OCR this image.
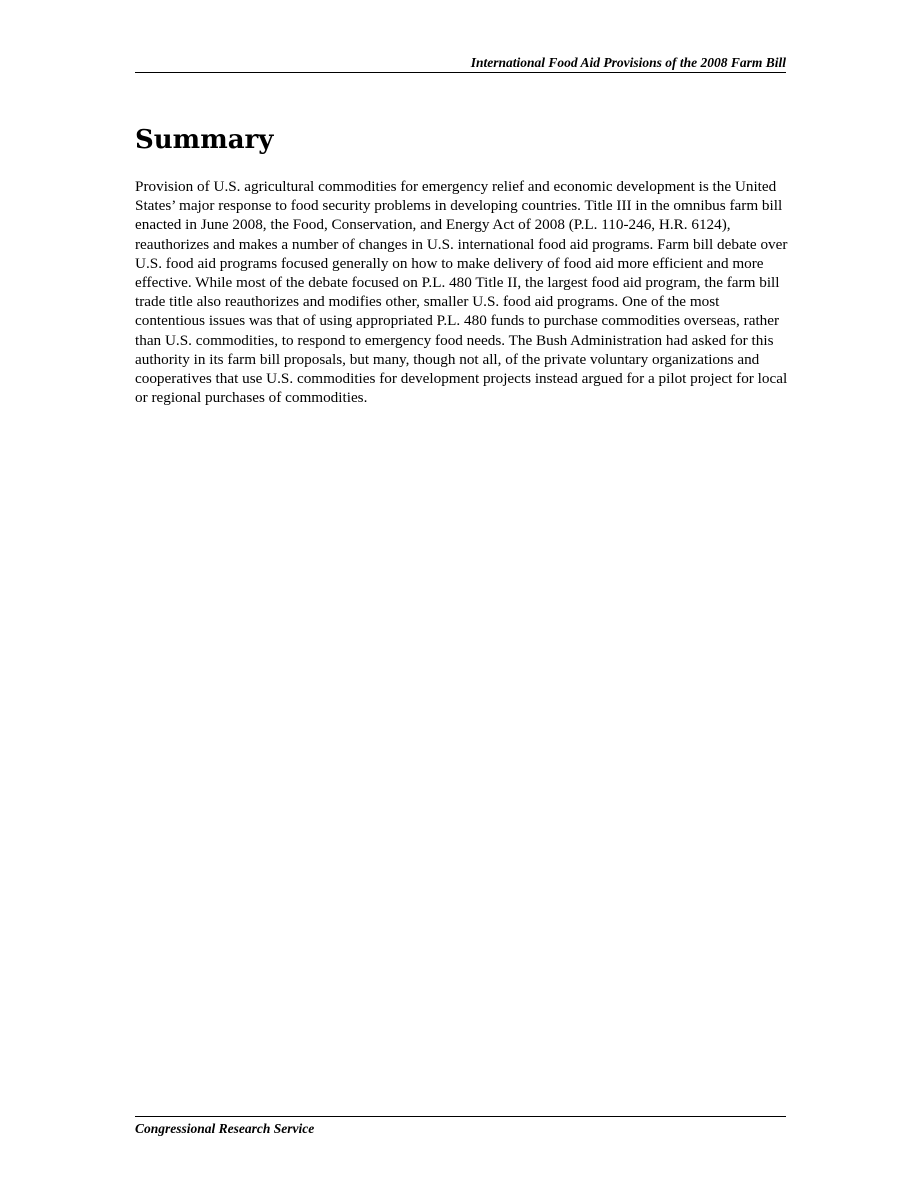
International Food Aid Provisions of the 2008 Farm Bill
Summary

Provision of U.S. agricultural commodities for emergency relief and economic development is the United States’ major response to food security problems in developing countries. Title III in the omnibus farm bill enacted in June 2008, the Food, Conservation, and Energy Act of 2008 (P.L. 110-246, H.R. 6124), reauthorizes and makes a number of changes in U.S. international food aid programs. Farm bill debate over U.S. food aid programs focused generally on how to make delivery of food aid more efficient and more effective. While most of the debate focused on P.L. 480 Title II, the largest food aid program, the farm bill trade title also reauthorizes and modifies other, smaller U.S. food aid programs. One of the most contentious issues was that of using appropriated P.L. 480 funds to purchase commodities overseas, rather than U.S. commodities, to respond to emergency food needs. The Bush Administration had asked for this authority in its farm bill proposals, but many, though not all, of the private voluntary organizations and cooperatives that use U.S. commodities for development projects instead argued for a pilot project for local or regional purchases of commodities.

Congressional Research Service
